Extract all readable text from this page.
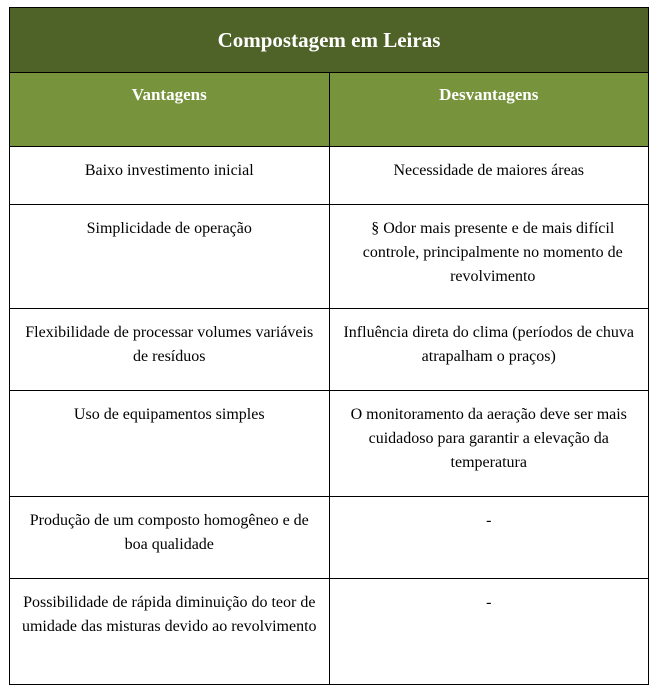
Compostagem em Leiras	
Vantagens	Desvantagens
Baixo investimento inicial	Necessidade de maiores áreas
Simplicidade de operação	§ Odor mais presente e de mais difícil controle, principalmente no momento de revolvimento

Flexibilidade de processar volumes variáveis de resíduos	Influência direta do clima (períodos de chuva atrapalham o praços)
Uso de equipamentos simples	O monitoramento da aeração deve ser mais cuidadoso para garantir a elevação da temperatura
Produção de um composto homogêneo e de boa qualidade	-
Possibilidade de rápida diminuição do teor de umidade das misturas devido ao revolvimento	-
